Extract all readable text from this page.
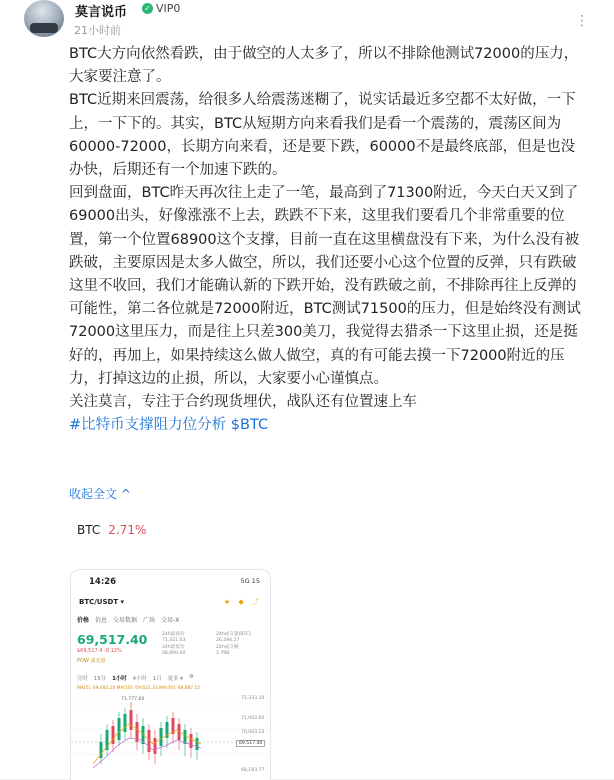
莫言说币 ✓ VIP0
21小时前
⋮

BTC大方向依然看跌，由于做空的人太多了，所以不排除他测试72000的压力，大家要注意了。

BTC近期来回震荡，给很多人给震荡迷糊了，说实话最近多空都不太好做，一下上，一下下的。其实，BTC从短期方向来看我们是看一个震荡的，震荡区间为60000-72000，长期方向来看，还是要下跌，60000不是最终底部，但是也没办快，后期还有一个加速下跌的。

回到盘面，BTC昨天再次往上走了一笔，最高到了71300附近，今天白天又到了69000出头，好像涨涨不上去，跌跌不下来，这里我们要看几个非常重要的位置，第一个位置68900这个支撑，目前一直在这里横盘没有下来，为什么没有被跌破，主要原因是太多人做空，所以，我们还要小心这个位置的反弹，只有跌破这里不收回，我们才能确认新的下跌开始，没有跌破之前，不排除再往上反弹的可能性，第二各位就是72000附近，BTC测试71500的压力，但是始终没有测试72000这里压力，而是往上只差300美刀，我觉得去猎杀一下这里止损，还是挺好的，再加上，如果持续这么做人做空，真的有可能去摸一下72000附近的压力，打掉这边的止损，所以，大家要小心谨慎点。

关注莫言，专注于合约现货埋伏，战队还有位置速上车

#比特币支撑阻力位分析 $BTC

收起全文 ^
BTC 2.71%
14:26	5G 15
BTC/USDT ▾	★ ◆ ⤴
价格 信息 交易数据 广场 交易-X
69,517.40
$69,517.4 -0.12%
POW 成交量
24h最高价
71,321.03
24h最低价
68,900.00
24h成交量(BTC)
26,294.27
24h成交额
1.79B
分时 15分 1小时 4小时 1日 更多 ▾ ⚙
MA(5): 69,480.20 MA(10): 69,621.33 MA(30): 69,887.15
71,777.60	72,333.10
71,003.60
70,003.15
69,517.40
68,183.77
